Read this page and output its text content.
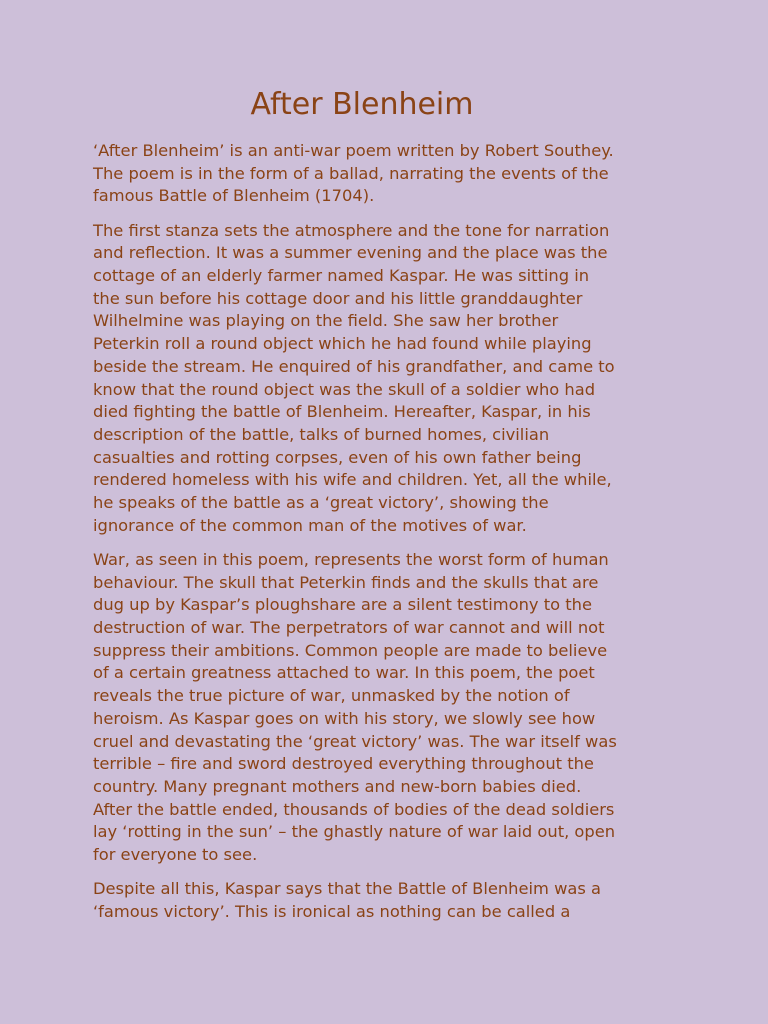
After Blenheim

‘After Blenheim’ is an anti-war poem written by Robert Southey.
The poem is in the form of a ballad, narrating the events of the
famous Battle of Blenheim (1704).

The first stanza sets the atmosphere and the tone for narration
and reflection. It was a summer evening and the place was the
cottage of an elderly farmer named Kaspar. He was sitting in
the sun before his cottage door and his little granddaughter
Wilhelmine was playing on the field. She saw her brother
Peterkin roll a round object which he had found while playing
beside the stream. He enquired of his grandfather, and came to
know that the round object was the skull of a soldier who had
died fighting the battle of Blenheim. Hereafter, Kaspar, in his
description of the battle, talks of burned homes, civilian
casualties and rotting corpses, even of his own father being
rendered homeless with his wife and children. Yet, all the while,
he speaks of the battle as a ‘great victory’, showing the
ignorance of the common man of the motives of war.

War, as seen in this poem, represents the worst form of human
behaviour. The skull that Peterkin finds and the skulls that are
dug up by Kaspar’s ploughshare are a silent testimony to the
destruction of war. The perpetrators of war cannot and will not
suppress their ambitions. Common people are made to believe
of a certain greatness attached to war. In this poem, the poet
reveals the true picture of war, unmasked by the notion of
heroism. As Kaspar goes on with his story, we slowly see how
cruel and devastating the ‘great victory’ was. The war itself was
terrible – fire and sword destroyed everything throughout the
country. Many pregnant mothers and new-born babies died.
After the battle ended, thousands of bodies of the dead soldiers
lay ‘rotting in the sun’ – the ghastly nature of war laid out, open
for everyone to see.

Despite all this, Kaspar says that the Battle of Blenheim was a
‘famous victory’. This is ironical as nothing can be called a
